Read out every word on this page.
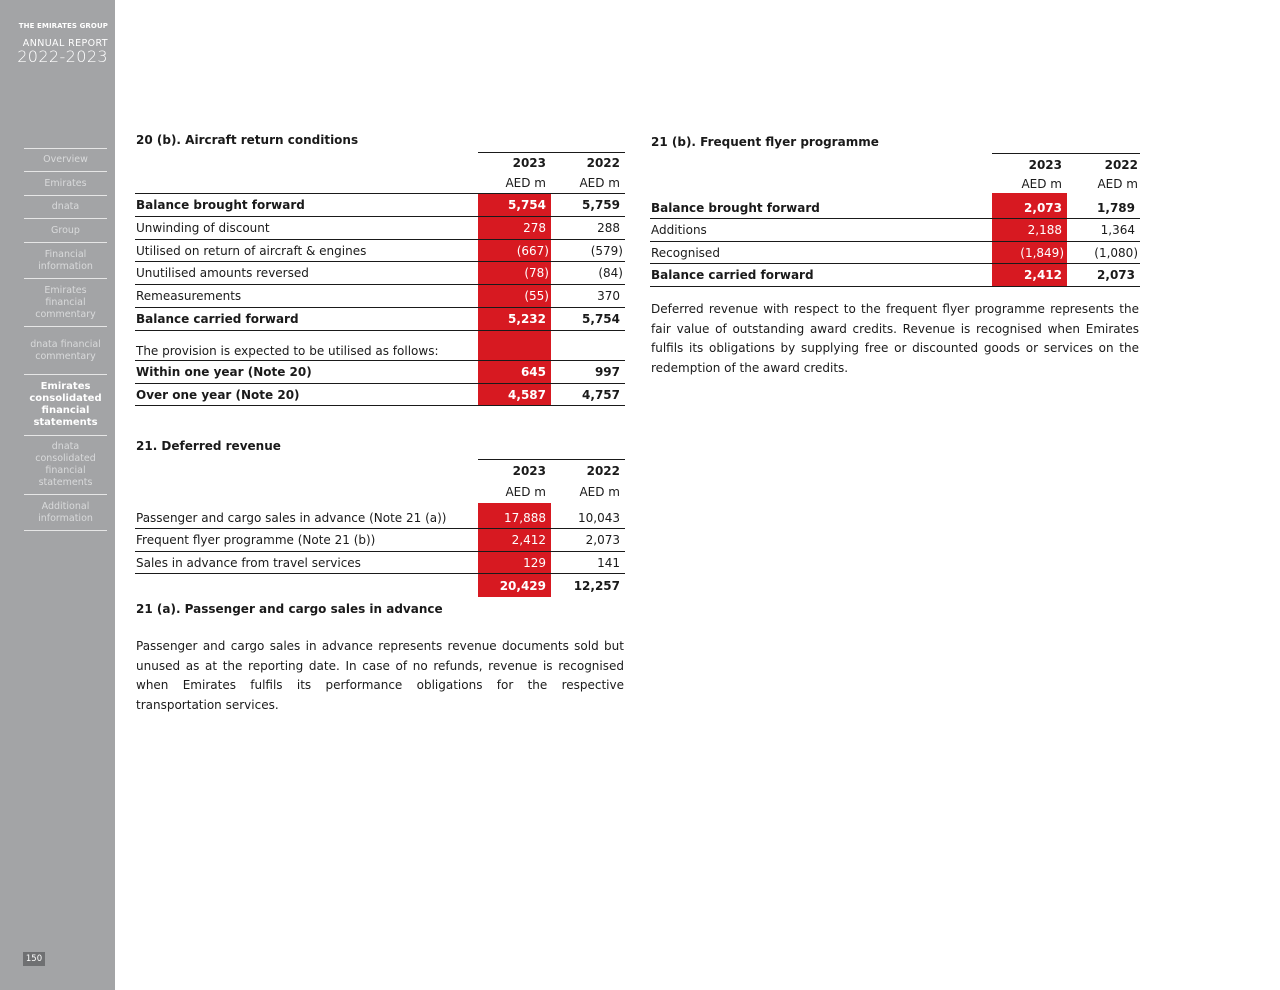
THE EMIRATES GROUP
ANNUAL REPORT
2022-2023
Overview
Emirates
dnata
Group
Financial information
Emirates financial commentary
dnata financial commentary
Emirates consolidated financial statements
dnata consolidated financial statements
Additional information
150
20 (b). Aircraft return conditions
2023	2022
AED m	AED m
Balance brought forward	5,754	5,759
Unwinding of discount	278	288
Utilised on return of aircraft & engines	(667)	(579)
Unutilised amounts reversed	(78)	(84)
Remeasurements	(55)	370
Balance carried forward	5,232	5,754
The provision is expected to be utilised as follows:
Within one year (Note 20)	645	997
Over one year (Note 20)	4,587	4,757
21. Deferred revenue
2023	2022
AED m	AED m
Passenger and cargo sales in advance (Note 21 (a))	17,888	10,043
Frequent flyer programme (Note 21 (b))	2,412	2,073
Sales in advance from travel services	129	141
20,429	12,257
21 (a). Passenger and cargo sales in advance
Passenger and cargo sales in advance represents revenue documents sold but unused as at the reporting date. In case of no refunds, revenue is recognised when Emirates fulfils its performance obligations for the respective transportation services.
21 (b). Frequent flyer programme
2023	2022
AED m	AED m
Balance brought forward	2,073	1,789
Additions	2,188	1,364
Recognised	(1,849)	(1,080)
Balance carried forward	2,412	2,073
Deferred revenue with respect to the frequent flyer programme represents the fair value of outstanding award credits. Revenue is recognised when Emirates fulfils its obligations by supplying free or discounted goods or services on the redemption of the award credits.
